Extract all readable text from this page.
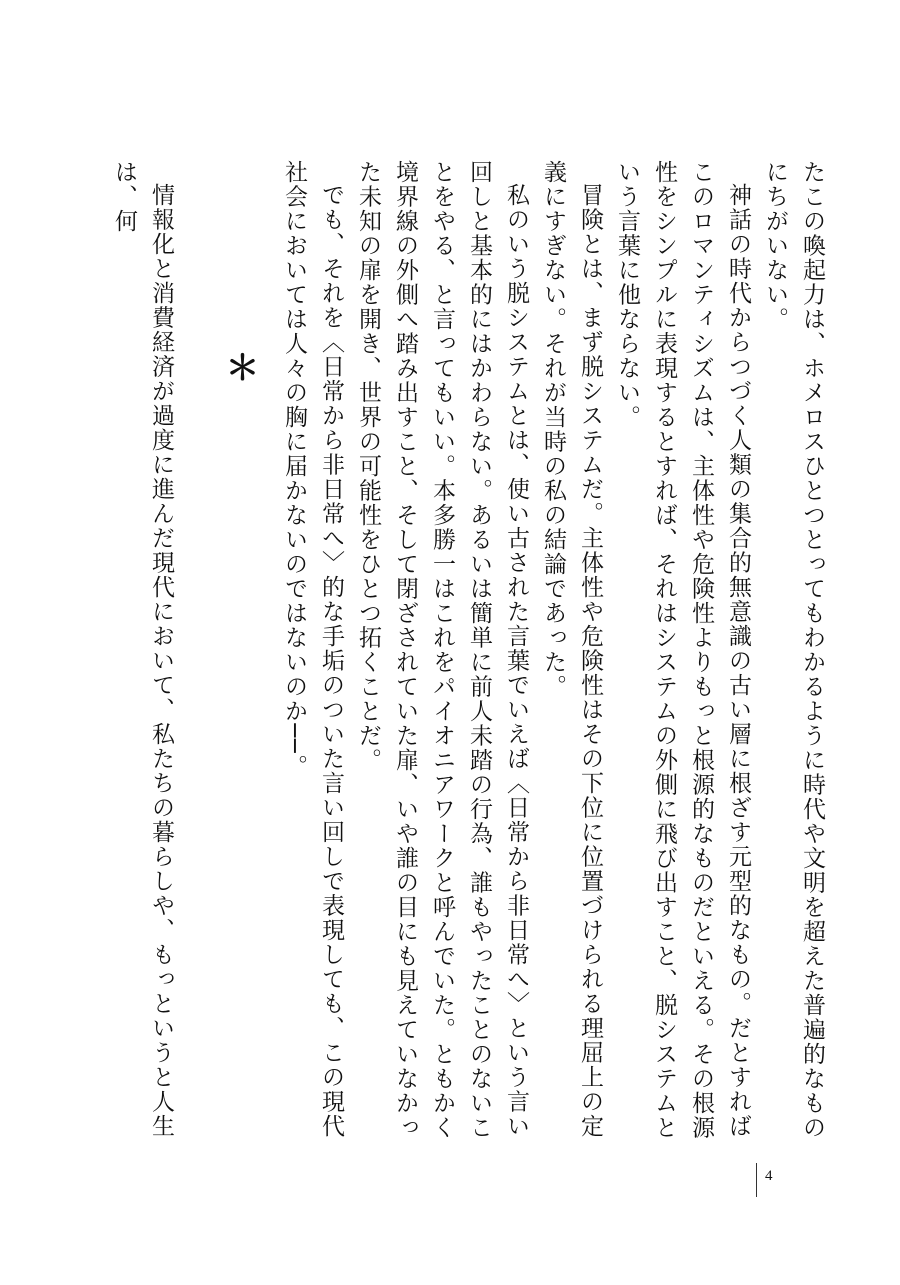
たこの喚起力は、ホメロスひとつとってもわかるように時代や文明を超えた普遍的なものにちがいない。

神話の時代からつづく人類の集合的無意識の古い層に根ざす元型的なもの。だとすればこのロマンティシズムは、主体性や危険性よりもっと根源的なものだといえる。その根源性をシンプルに表現するとすれば、それはシステムの外側に飛び出すこと、脱システムという言葉に他ならない。

冒険とは、まず脱システムだ。主体性や危険性はその下位に位置づけられる理屈上の定義にすぎない。それが当時の私の結論であった。

私のいう脱システムとは、使い古された言葉でいえば〈日常から非日常へ〉という言い回しと基本的にはかわらない。あるいは簡単に前人未踏の行為、誰もやったことのないことをやる、と言ってもいい。本多勝一はこれをパイオニアワークと呼んでいた。ともかく境界線の外側へ踏み出すこと、そして閉ざされていた扉、いや誰の目にも見えていなかった未知の扉を開き、世界の可能性をひとつ拓くことだ。

でも、それを〈日常から非日常へ〉的な手垢のついた言い回しで表現しても、この現代社会においては人々の胸に届かないのではないのか──。

＊

情報化と消費経済が過度に進んだ現代において、私たちの暮らしや、もっというと人生は、何

4
